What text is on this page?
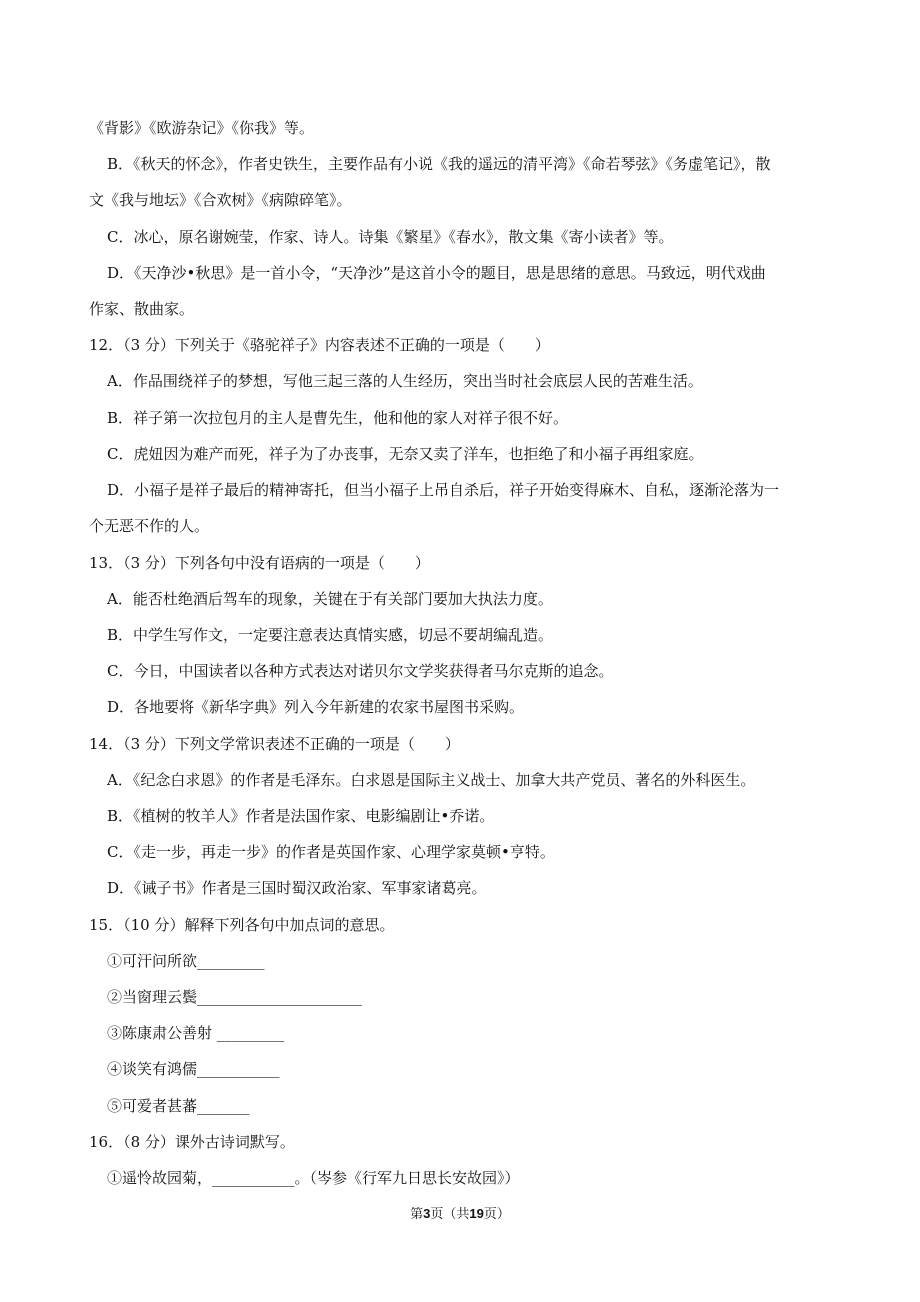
《背影》《欧游杂记》《你我》等。
B．《秋天的怀念》，作者史铁生，主要作品有小说《我的遥远的清平湾》《命若琴弦》《务虚笔记》，散
文《我与地坛》《合欢树》《病隙碎笔》。
C．冰心，原名谢婉莹，作家、诗人。诗集《繁星》《春水》，散文集《寄小读者》等。
D．《天净沙•秋思》是一首小令，“天净沙”是这首小令的题目，思是思绪的意思。马致远，明代戏曲
作家、散曲家。
12．（3 分）下列关于《骆驼祥子》内容表述不正确的一项是（　　）
A．作品围绕祥子的梦想，写他三起三落的人生经历，突出当时社会底层人民的苦难生活。
B．祥子第一次拉包月的主人是曹先生，他和他的家人对祥子很不好。
C．虎妞因为难产而死，祥子为了办丧事，无奈又卖了洋车，也拒绝了和小福子再组家庭。
D．小福子是祥子最后的精神寄托，但当小福子上吊自杀后，祥子开始变得麻木、自私，逐渐沦落为一
个无恶不作的人。
13．（3 分）下列各句中没有语病的一项是（　　）
A．能否杜绝酒后驾车的现象，关键在于有关部门要加大执法力度。
B．中学生写作文，一定要注意表达真情实感，切忌不要胡编乱造。
C．今日，中国读者以各种方式表达对诺贝尔文学奖获得者马尔克斯的追念。
D．各地要将《新华字典》列入今年新建的农家书屋图书采购。
14．（3 分）下列文学常识表述不正确的一项是（　　）
A．《纪念白求恩》的作者是毛泽东。白求恩是国际主义战士、加拿大共产党员、著名的外科医生。
B．《植树的牧羊人》作者是法国作家、电影编剧让•乔诺。
C．《走一步，再走一步》的作者是英国作家、心理学家莫顿•亨特。
D．《诫子书》作者是三国时蜀汉政治家、军事家诸葛亮。
15．（10 分）解释下列各句中加点词的意思。
①可汗问所欲_________
②当窗理云鬓______________________
③陈康肃公善射 _________
④谈笑有鸿儒___________
⑤可爱者甚蕃_______
16．（8 分）课外古诗词默写。
①遥怜故园菊，___________。（岑参《行军九日思长安故园》）
第3页（共19页）
